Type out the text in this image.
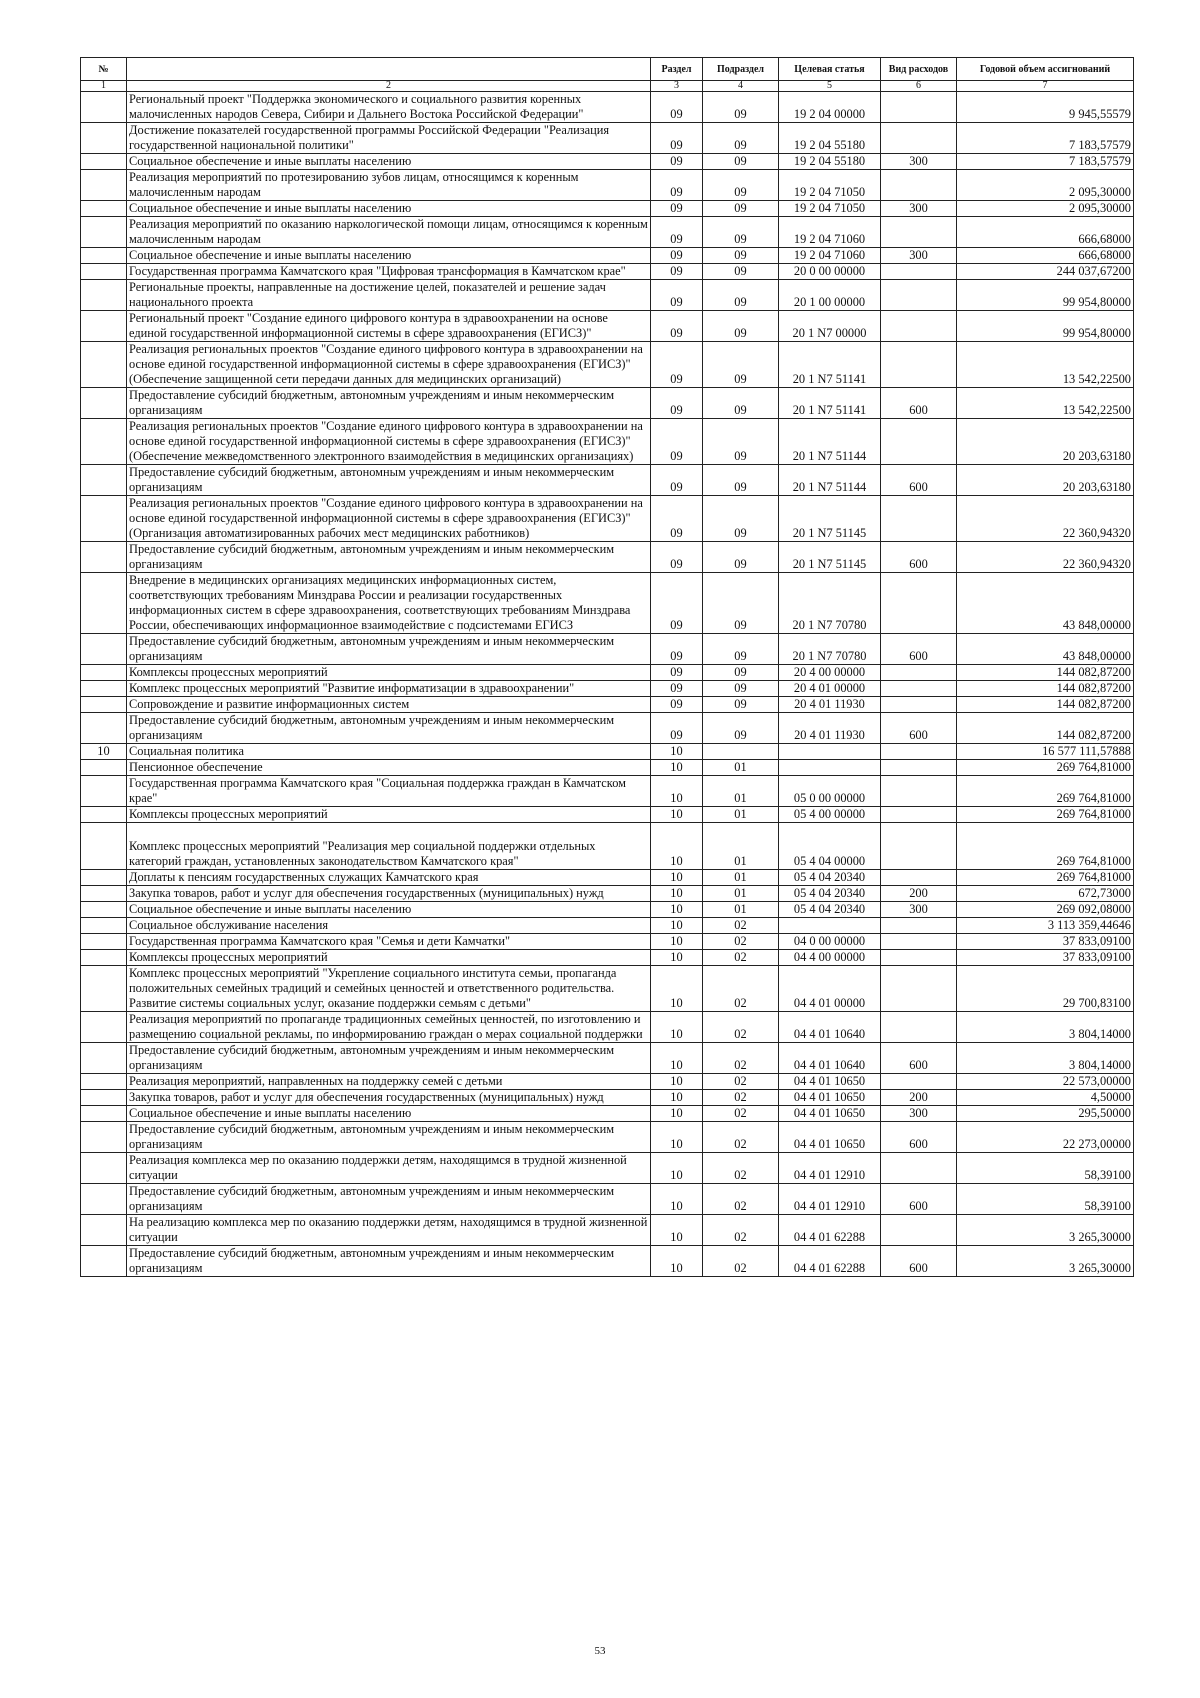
№		Раздел	Подраздел	Целевая статья	Вид расходов	Годовой объем ассигнований
1	2	3	4	5	6	7
	Региональный проект "Поддержка экономического и социального развития коренных малочисленных народов Севера, Сибири и Дальнего Востока Российской Федерации"	09	09	19 2 04 00000		9 945,55579
	Достижение показателей государственной программы Российской Федерации "Реализация государственной национальной политики"	09	09	19 2 04 55180		7 183,57579
	Социальное обеспечение и иные выплаты населению	09	09	19 2 04 55180	300	7 183,57579
	Реализация мероприятий по протезированию зубов лицам, относящимся к коренным малочисленным народам	09	09	19 2 04 71050		2 095,30000
	Социальное обеспечение и иные выплаты населению	09	09	19 2 04 71050	300	2 095,30000
	Реализация мероприятий по оказанию наркологической помощи лицам, относящимся к коренным малочисленным народам	09	09	19 2 04 71060		666,68000
	Социальное обеспечение и иные выплаты населению	09	09	19 2 04 71060	300	666,68000
	Государственная программа Камчатского края "Цифровая трансформация в Камчатском крае"	09	09	20 0 00 00000		244 037,67200
	Региональные проекты, направленные на достижение целей, показателей и решение задач национального проекта	09	09	20 1 00 00000		99 954,80000
	Региональный проект "Создание единого цифрового контура в здравоохранении на основе единой государственной информационной системы в сфере здравоохранения (ЕГИСЗ)"	09	09	20 1 N7 00000		99 954,80000
	Реализация региональных проектов "Создание единого цифрового контура в здравоохранении на основе единой государственной информационной системы в сфере здравоохранения (ЕГИСЗ)" (Обеспечение защищенной сети передачи данных для медицинских организаций)	09	09	20 1 N7 51141		13 542,22500
	Предоставление субсидий бюджетным, автономным учреждениям и иным некоммерческим организациям	09	09	20 1 N7 51141	600	13 542,22500
	Реализация региональных проектов "Создание единого цифрового контура в здравоохранении на основе единой государственной информационной системы в сфере здравоохранения (ЕГИСЗ)" (Обеспечение межведомственного электронного взаимодействия в медицинских организациях)	09	09	20 1 N7 51144		20 203,63180
	Предоставление субсидий бюджетным, автономным учреждениям и иным некоммерческим организациям	09	09	20 1 N7 51144	600	20 203,63180
	Реализация региональных проектов "Создание единого цифрового контура в здравоохранении на основе единой государственной информационной системы в сфере здравоохранения (ЕГИСЗ)" (Организация автоматизированных рабочих мест медицинских работников)	09	09	20 1 N7 51145		22 360,94320
	Предоставление субсидий бюджетным, автономным учреждениям и иным некоммерческим организациям	09	09	20 1 N7 51145	600	22 360,94320
	Внедрение в медицинских организациях медицинских информационных систем, соответствующих требованиям Минздрава России и реализации государственных информационных систем в сфере здравоохранения, соответствующих требованиям Минздрава России, обеспечивающих информационное взаимодействие с подсистемами ЕГИСЗ	09	09	20 1 N7 70780		43 848,00000
	Предоставление субсидий бюджетным, автономным учреждениям и иным некоммерческим организациям	09	09	20 1 N7 70780	600	43 848,00000
	Комплексы процессных мероприятий	09	09	20 4 00 00000		144 082,87200
	Комплекс процессных мероприятий "Развитие информатизации в здравоохранении"	09	09	20 4 01 00000		144 082,87200
	Сопровождение и развитие информационных систем	09	09	20 4 01 11930		144 082,87200
	Предоставление субсидий бюджетным, автономным учреждениям и иным некоммерческим организациям	09	09	20 4 01 11930	600	144 082,87200
10	Социальная политика	10				16 577 111,57888
	Пенсионное обеспечение	10	01			269 764,81000
	Государственная программа Камчатского края "Социальная поддержка граждан в Камчатском крае"	10	01	05 0 00 00000		269 764,81000
	Комплексы процессных мероприятий	10	01	05 4 00 00000		269 764,81000
	Комплекс процессных мероприятий "Реализация мер социальной поддержки отдельных категорий граждан, установленных законодательством Камчатского края"	10	01	05 4 04 00000		269 764,81000
	Доплаты к пенсиям государственных служащих Камчатского края	10	01	05 4 04 20340		269 764,81000
	Закупка товаров, работ и услуг для обеспечения государственных (муниципальных) нужд	10	01	05 4 04 20340	200	672,73000
	Социальное обеспечение и иные выплаты населению	10	01	05 4 04 20340	300	269 092,08000
	Социальное обслуживание населения	10	02			3 113 359,44646
	Государственная программа Камчатского края "Семья и дети Камчатки"	10	02	04 0 00 00000		37 833,09100
	Комплексы процессных мероприятий	10	02	04 4 00 00000		37 833,09100
	Комплекс процессных мероприятий "Укрепление социального института семьи, пропаганда положительных семейных традиций и семейных ценностей и ответственного родительства. Развитие системы социальных услуг, оказание поддержки семьям с детьми"	10	02	04 4 01 00000		29 700,83100
	Реализация мероприятий по пропаганде традиционных семейных ценностей, по изготовлению и размещению социальной рекламы, по информированию граждан о мерах социальной поддержки	10	02	04 4 01 10640		3 804,14000
	Предоставление субсидий бюджетным, автономным учреждениям и иным некоммерческим организациям	10	02	04 4 01 10640	600	3 804,14000
	Реализация мероприятий, направленных на поддержку семей с детьми	10	02	04 4 01 10650		22 573,00000
	Закупка товаров, работ и услуг для обеспечения государственных (муниципальных) нужд	10	02	04 4 01 10650	200	4,50000
	Социальное обеспечение и иные выплаты населению	10	02	04 4 01 10650	300	295,50000
	Предоставление субсидий бюджетным, автономным учреждениям и иным некоммерческим организациям	10	02	04 4 01 10650	600	22 273,00000
	Реализация комплекса мер по оказанию поддержки детям, находящимся в трудной жизненной ситуации	10	02	04 4 01 12910		58,39100
	Предоставление субсидий бюджетным, автономным учреждениям и иным некоммерческим организациям	10	02	04 4 01 12910	600	58,39100
	На реализацию комплекса мер по оказанию поддержки детям, находящимся в трудной жизненной ситуации	10	02	04 4 01 62288		3 265,30000
	Предоставление субсидий бюджетным, автономным учреждениям и иным некоммерческим организациям	10	02	04 4 01 62288	600	3 265,30000
53
